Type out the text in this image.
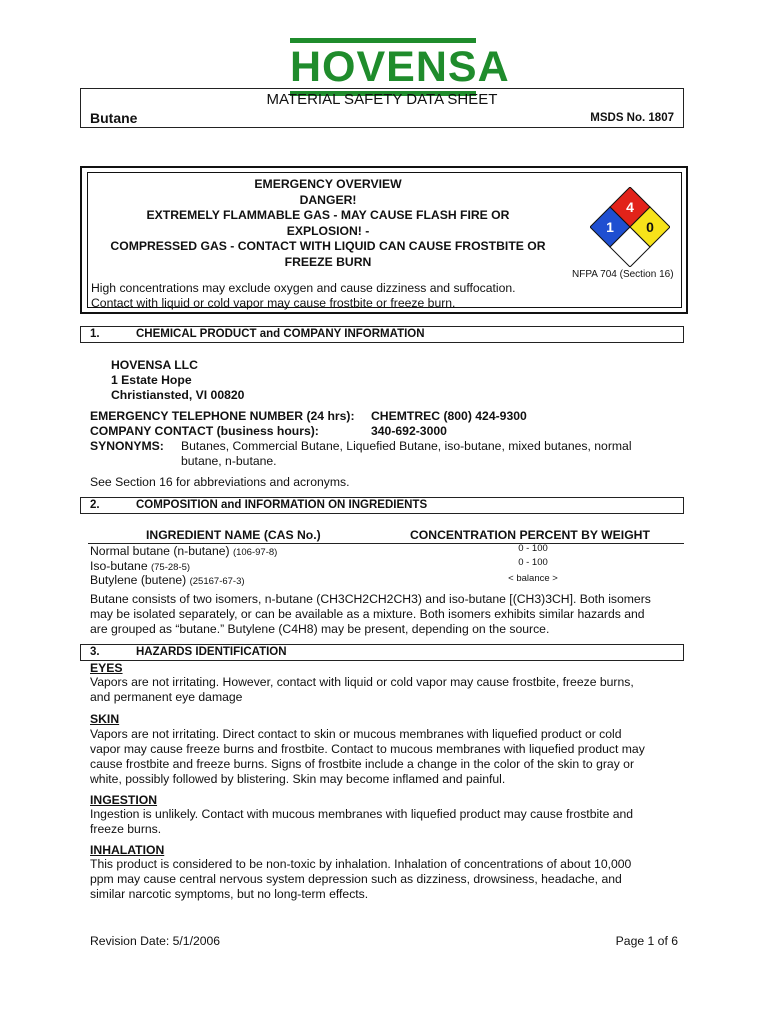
HOVENSA
MATERIAL SAFETY DATA SHEET
Butane	MSDS No. 1807
EMERGENCY OVERVIEW
DANGER!
EXTREMELY FLAMMABLE GAS - MAY CAUSE FLASH FIRE OR
EXPLOSION! -
COMPRESSED GAS - CONTACT WITH LIQUID CAN CAUSE FROSTBITE OR
FREEZE BURN
4
1 0
NFPA 704 (Section 16)
High concentrations may exclude oxygen and cause dizziness and suffocation.
Contact with liquid or cold vapor may cause frostbite or freeze burn.
1.	CHEMICAL PRODUCT and COMPANY INFORMATION
HOVENSA LLC
1 Estate Hope
Christiansted, VI 00820
EMERGENCY TELEPHONE NUMBER (24 hrs): CHEMTREC (800) 424-9300
COMPANY CONTACT (business hours):	340-692-3000
SYNONYMS: Butanes, Commercial Butane, Liquefied Butane, iso-butane, mixed butanes, normal
butane, n-butane.
See Section 16 for abbreviations and acronyms.
2.	COMPOSITION and INFORMATION ON INGREDIENTS
INGREDIENT NAME (CAS No.)	CONCENTRATION PERCENT BY WEIGHT
Normal butane (n-butane) (106-97-8)	0 - 100
Iso-butane (75-28-5)	0 - 100
Butylene (butene) (25167-67-3)	< balance >
Butane consists of two isomers, n-butane (CH3CH2CH2CH3) and iso-butane [(CH3)3CH]. Both isomers
may be isolated separately, or can be available as a mixture. Both isomers exhibits similar hazards and
are grouped as “butane.” Butylene (C4H8) may be present, depending on the source.
3.	HAZARDS IDENTIFICATION
EYES
Vapors are not irritating. However, contact with liquid or cold vapor may cause frostbite, freeze burns,
and permanent eye damage
SKIN
Vapors are not irritating. Direct contact to skin or mucous membranes with liquefied product or cold
vapor may cause freeze burns and frostbite. Contact to mucous membranes with liquefied product may
cause frostbite and freeze burns. Signs of frostbite include a change in the color of the skin to gray or
white, possibly followed by blistering. Skin may become inflamed and painful.
INGESTION
Ingestion is unlikely. Contact with mucous membranes with liquefied product may cause frostbite and
freeze burns.
INHALATION
This product is considered to be non-toxic by inhalation. Inhalation of concentrations of about 10,000
ppm may cause central nervous system depression such as dizziness, drowsiness, headache, and
similar narcotic symptoms, but no long-term effects.
Revision Date: 5/1/2006	Page 1 of 6
